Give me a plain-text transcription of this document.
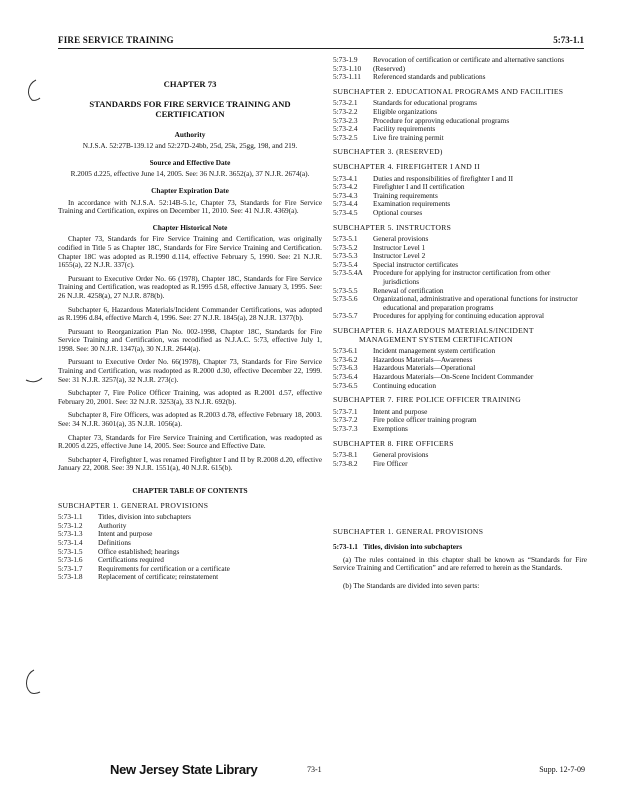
FIRE SERVICE TRAINING	5:73-1.1
CHAPTER 73
STANDARDS FOR FIRE SERVICE TRAINING AND CERTIFICATION
Authority

N.J.S.A. 52:27B-139.12 and 52:27D-24bb, 25d, 25k, 25gg, 198, and 219.

Source and Effective Date

R.2005 d.225, effective June 14, 2005. See: 36 N.J.R. 3652(a), 37 N.J.R. 2674(a).

Chapter Expiration Date

In accordance with N.J.S.A. 52:14B-5.1c, Chapter 73, Standards for Fire Service Training and Certification, expires on December 11, 2010. See: 41 N.J.R. 4369(a).

Chapter Historical Note

Chapter 73, Standards for Fire Service Training and Certification, was originally codified in Title 5 as Chapter 18C, Standards for Fire Service Training and Certification. Chapter 18C was adopted as R.1990 d.114, effective February 5, 1990. See: 21 N.J.R. 1655(a), 22 N.J.R. 337(c).

Pursuant to Executive Order No. 66 (1978), Chapter 18C, Standards for Fire Service Training and Certification, was readopted as R.1995 d.58, effective January 3, 1995. See: 26 N.J.R. 4258(a), 27 N.J.R. 878(b).

Subchapter 6, Hazardous Materials/Incident Commander Certifications, was adopted as R.1996 d.84, effective March 4, 1996. See: 27 N.J.R. 1845(a), 28 N.J.R. 1377(b).

Pursuant to Reorganization Plan No. 002-1998, Chapter 18C, Standards for Fire Service Training and Certification, was recodified as N.J.A.C. 5:73, effective July 1, 1998. See: 30 N.J.R. 1347(a), 30 N.J.R. 2644(a).

Pursuant to Executive Order No. 66(1978), Chapter 73, Standards for Fire Service Training and Certification, was readopted as R.2000 d.30, effective December 22, 1999. See: 31 N.J.R. 3257(a), 32 N.J.R. 273(c).

Subchapter 7, Fire Police Officer Training, was adopted as R.2001 d.57, effective February 20, 2001. See: 32 N.J.R. 3253(a), 33 N.J.R. 692(b).

Subchapter 8, Fire Officers, was adopted as R.2003 d.78, effective February 18, 2003. See: 34 N.J.R. 3601(a), 35 N.J.R. 1056(a).

Chapter 73, Standards for Fire Service Training and Certification, was readopted as R.2005 d.225, effective June 14, 2005. See: Source and Effective Date.

Subchapter 4, Firefighter I, was renamed Firefighter I and II by R.2008 d.20, effective January 22, 2008. See: 39 N.J.R. 1551(a), 40 N.J.R. 615(b).

CHAPTER TABLE OF CONTENTS
SUBCHAPTER 1. GENERAL PROVISIONS
5:73-1.1	Titles, division into subchapters
5:73-1.2	Authority
5:73-1.3	Intent and purpose
5:73-1.4	Definitions
5:73-1.5	Office established; hearings
5:73-1.6	Certifications required
5:73-1.7	Requirements for certification or a certificate
5:73-1.8	Replacement of certificate; reinstatement
5:73-1.9	Revocation of certification or certificate and alternative sanctions
5:73-1.10	(Reserved)
5:73-1.11	Referenced standards and publications
SUBCHAPTER 2. EDUCATIONAL PROGRAMS AND FACILITIES
5:73-2.1	Standards for educational programs
5:73-2.2	Eligible organizations
5:73-2.3	Procedure for approving educational programs
5:73-2.4	Facility requirements
5:73-2.5	Live fire training permit
SUBCHAPTER 3. (RESERVED)
SUBCHAPTER 4. FIREFIGHTER I AND II
5:73-4.1	Duties and responsibilities of firefighter I and II
5:73-4.2	Firefighter I and II certification
5:73-4.3	Training requirements
5:73-4.4	Examination requirements
5:73-4.5	Optional courses
SUBCHAPTER 5. INSTRUCTORS
5:73-5.1	General provisions
5:73-5.2	Instructor Level 1
5:73-5.3	Instructor Level 2
5:73-5.4	Special instructor certificates
5:73-5.4A	Procedure for applying for instructor certification from other jurisdictions
5:73-5.5	Renewal of certification
5:73-5.6	Organizational, administrative and operational functions for instructor educational and preparation programs
5:73-5.7	Procedures for applying for continuing education approval
SUBCHAPTER 6. HAZARDOUS MATERIALS/INCIDENT MANAGEMENT SYSTEM CERTIFICATION
5:73-6.1	Incident management system certification
5:73-6.2	Hazardous Materials—Awareness
5:73-6.3	Hazardous Materials—Operational
5:73-6.4	Hazardous Materials—On-Scene Incident Commander
5:73-6.5	Continuing education
SUBCHAPTER 7. FIRE POLICE OFFICER TRAINING
5:73-7.1	Intent and purpose
5:73-7.2	Fire police officer training program
5:73-7.3	Exemptions
SUBCHAPTER 8. FIRE OFFICERS
5:73-8.1	General provisions
5:73-8.2	Fire Officer
SUBCHAPTER 1. GENERAL PROVISIONS
5:73-1.1 Titles, division into subchapters

(a) The rules contained in this chapter shall be known as “Standards for Fire Service Training and Certification” and are referred to herein as the Standards.

(b) The Standards are divided into seven parts:

New Jersey State Library	73-1	Supp. 12-7-09
